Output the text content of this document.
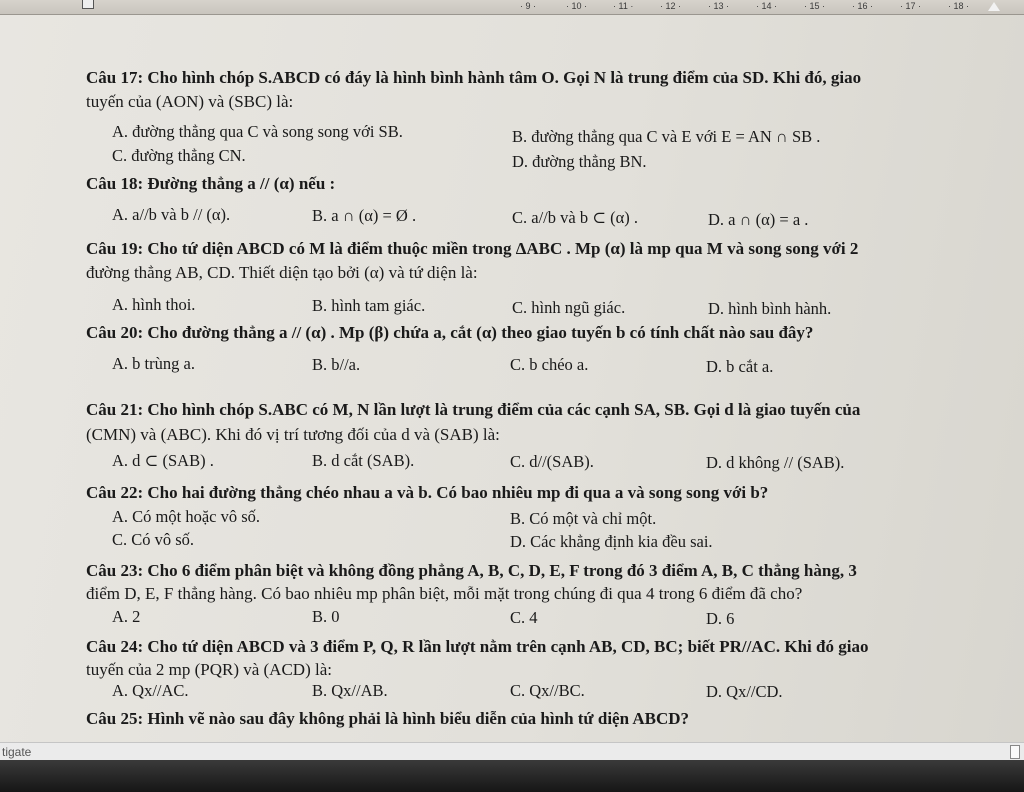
· 9 ·	· 10 ·	· 11 ·	· 12 ·	· 13 ·	· 14 ·	· 15 ·	· 16 ·	· 17 ·	· 18 ·
Câu 17: Cho hình chóp S.ABCD có đáy là hình bình hành tâm O. Gọi N là trung điểm của SD. Khi đó, giao
tuyến của (AON) và (SBC) là:
A. đường thẳng qua C và song song với SB.	B. đường thẳng qua C và E với E = AN ∩ SB .
C. đường thẳng CN.	D. đường thẳng BN.
Câu 18: Đường thẳng a // (α) nếu :
A. a//b và b // (α).	B. a ∩ (α) = Ø .	C. a//b và b ⊂ (α) .	D. a ∩ (α) = a .
Câu 19: Cho tứ diện ABCD có M là điểm thuộc miền trong ΔABC . Mp (α) là mp qua M và song song với 2
đường thẳng AB, CD. Thiết diện tạo bởi (α) và tứ diện là:
A. hình thoi.	B. hình tam giác.	C. hình ngũ giác.	D. hình bình hành.
Câu 20: Cho đường thẳng a // (α) . Mp (β) chứa a, cắt (α) theo giao tuyến b có tính chất nào sau đây?
A. b trùng a.	B. b//a.	C. b chéo a.	D. b cắt a.
Câu 21: Cho hình chóp S.ABC có M, N lần lượt là trung điểm của các cạnh SA, SB. Gọi d là giao tuyến của
(CMN) và (ABC). Khi đó vị trí tương đối của d và (SAB) là:
A. d ⊂ (SAB) .	B. d cắt (SAB).	C. d//(SAB).	D. d không // (SAB).
Câu 22: Cho hai đường thẳng chéo nhau a và b. Có bao nhiêu mp đi qua a và song song với b?
A. Có một hoặc vô số.	B. Có một và chỉ một.
C. Có vô số.	D. Các khẳng định kia đều sai.
Câu 23: Cho 6 điểm phân biệt và không đồng phẳng A, B, C, D, E, F trong đó 3 điểm A, B, C thẳng hàng, 3
điểm D, E, F thẳng hàng. Có bao nhiêu mp phân biệt, mỗi mặt trong chúng đi qua 4 trong 6 điểm đã cho?
A. 2	B. 0	C. 4	D. 6
Câu 24: Cho tứ diện ABCD và 3 điểm P, Q, R lần lượt nằm trên cạnh AB, CD, BC; biết PR//AC. Khi đó giao
tuyến của 2 mp (PQR) và (ACD) là:
A. Qx//AC.	B. Qx//AB.	C. Qx//BC.	D. Qx//CD.
Câu 25: Hình vẽ nào sau đây không phải là hình biểu diễn của hình tứ diện ABCD?
tigate
